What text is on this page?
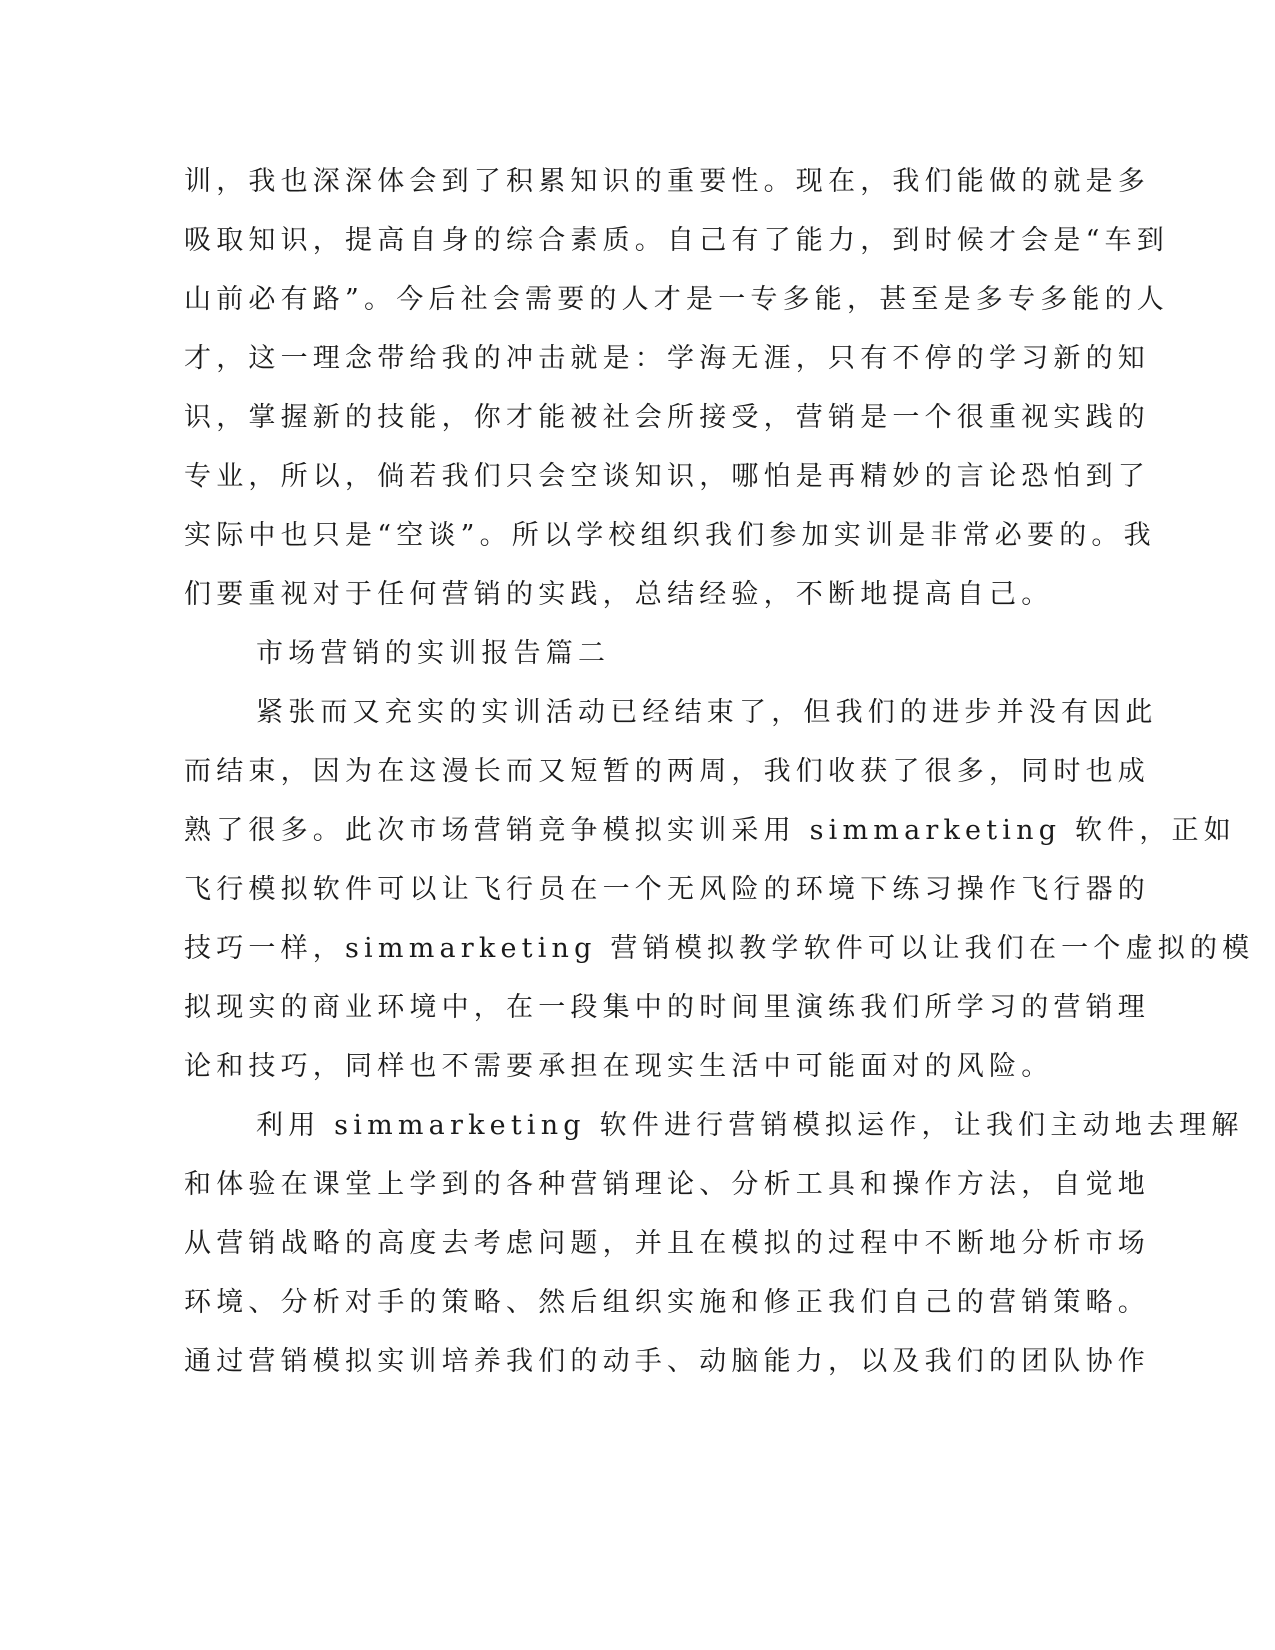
训，我也深深体会到了积累知识的重要性。现在，我们能做的就是多
吸取知识，提高自身的综合素质。自己有了能力，到时候才会是“车到
山前必有路”。今后社会需要的人才是一专多能，甚至是多专多能的人
才，这一理念带给我的冲击就是：学海无涯，只有不停的学习新的知
识，掌握新的技能，你才能被社会所接受，营销是一个很重视实践的
专业，所以，倘若我们只会空谈知识，哪怕是再精妙的言论恐怕到了
实际中也只是“空谈”。所以学校组织我们参加实训是非常必要的。我
们要重视对于任何营销的实践，总结经验，不断地提高自己。
市场营销的实训报告篇二
紧张而又充实的实训活动已经结束了，但我们的进步并没有因此
而结束，因为在这漫长而又短暂的两周，我们收获了很多，同时也成
熟了很多。此次市场营销竞争模拟实训采用 simmarketing 软件，正如
飞行模拟软件可以让飞行员在一个无风险的环境下练习操作飞行器的
技巧一样，simmarketing 营销模拟教学软件可以让我们在一个虚拟的模
拟现实的商业环境中，在一段集中的时间里演练我们所学习的营销理
论和技巧，同样也不需要承担在现实生活中可能面对的风险。
利用 simmarketing 软件进行营销模拟运作，让我们主动地去理解
和体验在课堂上学到的各种营销理论、分析工具和操作方法，自觉地
从营销战略的高度去考虑问题，并且在模拟的过程中不断地分析市场
环境、分析对手的策略、然后组织实施和修正我们自己的营销策略。
通过营销模拟实训培养我们的动手、动脑能力，以及我们的团队协作
